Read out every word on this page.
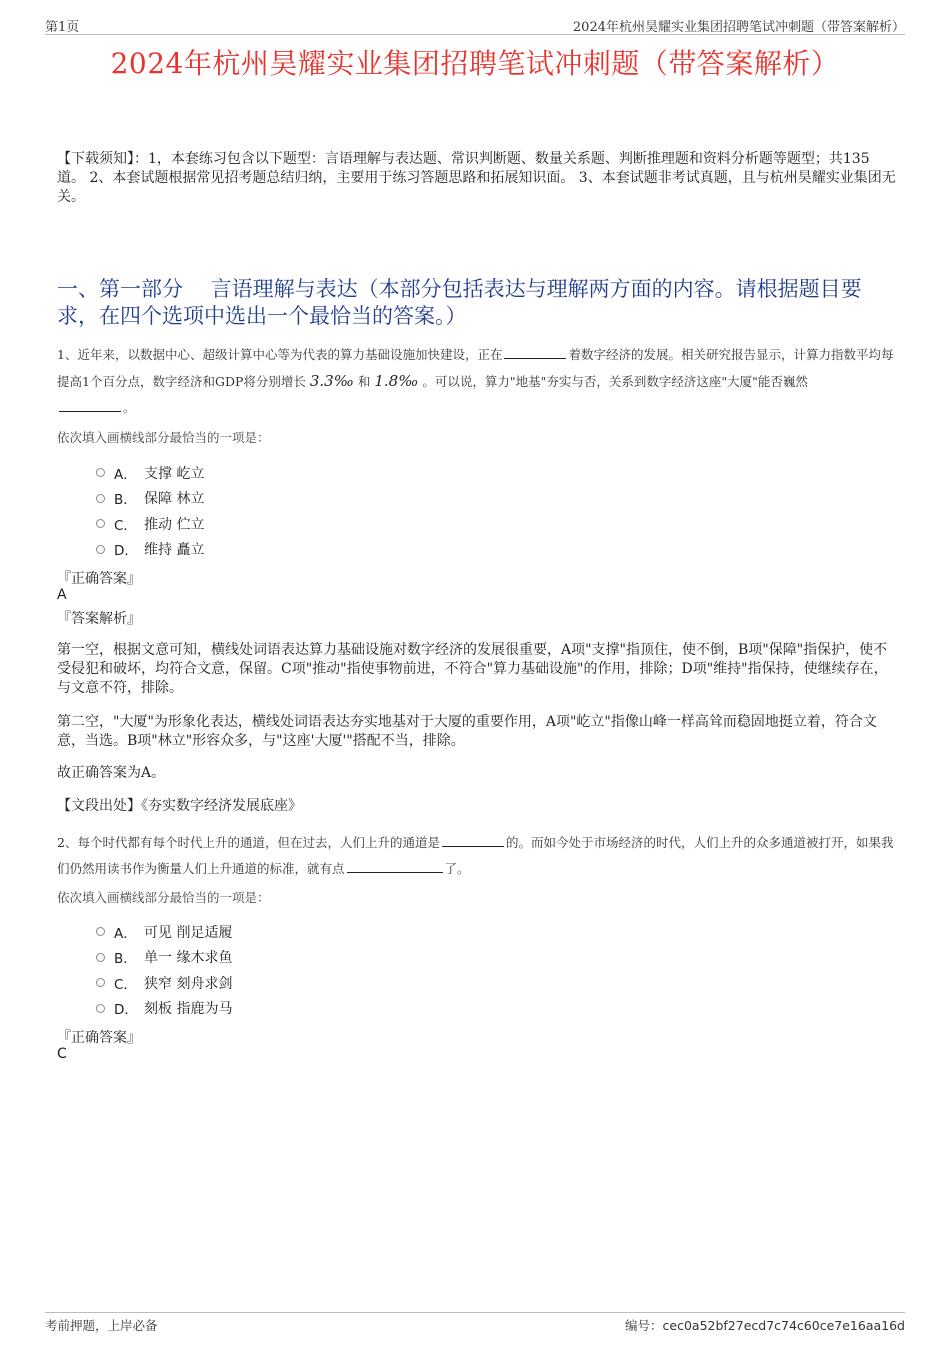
第1页	2024年杭州昊耀实业集团招聘笔试冲刺题（带答案解析）
2024年杭州昊耀实业集团招聘笔试冲刺题（带答案解析）
【下载须知】：1，本套练习包含以下题型：言语理解与表达题、常识判断题、数量关系题、判断推理题和资料分析题等题型；共135道。 2、本套试题根据常见招考题总结归纳，主要用于练习答题思路和拓展知识面。 3、本套试题非考试真题，且与杭州昊耀实业集团无关。
一、第一部分　 言语理解与表达（本部分包括表达与理解两方面的内容。请根据题目要求，在四个选项中选出一个最恰当的答案。）
1、近年来，以数据中心、超级计算中心等为代表的算力基础设施加快建设，正在	着数字经济的发展。相关研究报告显示，计算力指数平均每提高1个百分点，数字经济和GDP将分别增长 3.3‰ 和 1.8‰ 。可以说，算力"地基"夯实与否，关系到数字经济这座"大厦"能否巍然
。
依次填入画横线部分最恰当的一项是：
A． 支撑 屹立
B． 保障 林立
C． 推动 伫立
D． 维持 矗立
『正确答案』
A
『答案解析』
第一空，根据文意可知，横线处词语表达算力基础设施对数字经济的发展很重要，A项"支撑"指顶住，使不倒，B项"保障"指保护，使不受侵犯和破坏，均符合文意，保留。C项"推动"指使事物前进，不符合"算力基础设施"的作用，排除；D项"维持"指保持，使继续存在，与文意不符，排除。
第二空，"大厦"为形象化表达，横线处词语表达夯实地基对于大厦的重要作用，A项"屹立"指像山峰一样高耸而稳固地挺立着，符合文意，当选。B项"林立"形容众多，与"这座'大厦'"搭配不当，排除。
故正确答案为A。
【文段出处】《夯实数字经济发展底座》
2、每个时代都有每个时代上升的通道，但在过去，人们上升的通道是	的。而如今处于市场经济的时代，人们上升的众多通道被打开，如果我们仍然用读书作为衡量人们上升通道的标准，就有点	了。
依次填入画横线部分最恰当的一项是：
A． 可见 削足适履
B． 单一 缘木求鱼
C． 狭窄 刻舟求剑
D． 刻板 指鹿为马
『正确答案』
C
考前押题，上岸必备	编号：cec0a52bf27ecd7c74c60ce7e16aa16d
